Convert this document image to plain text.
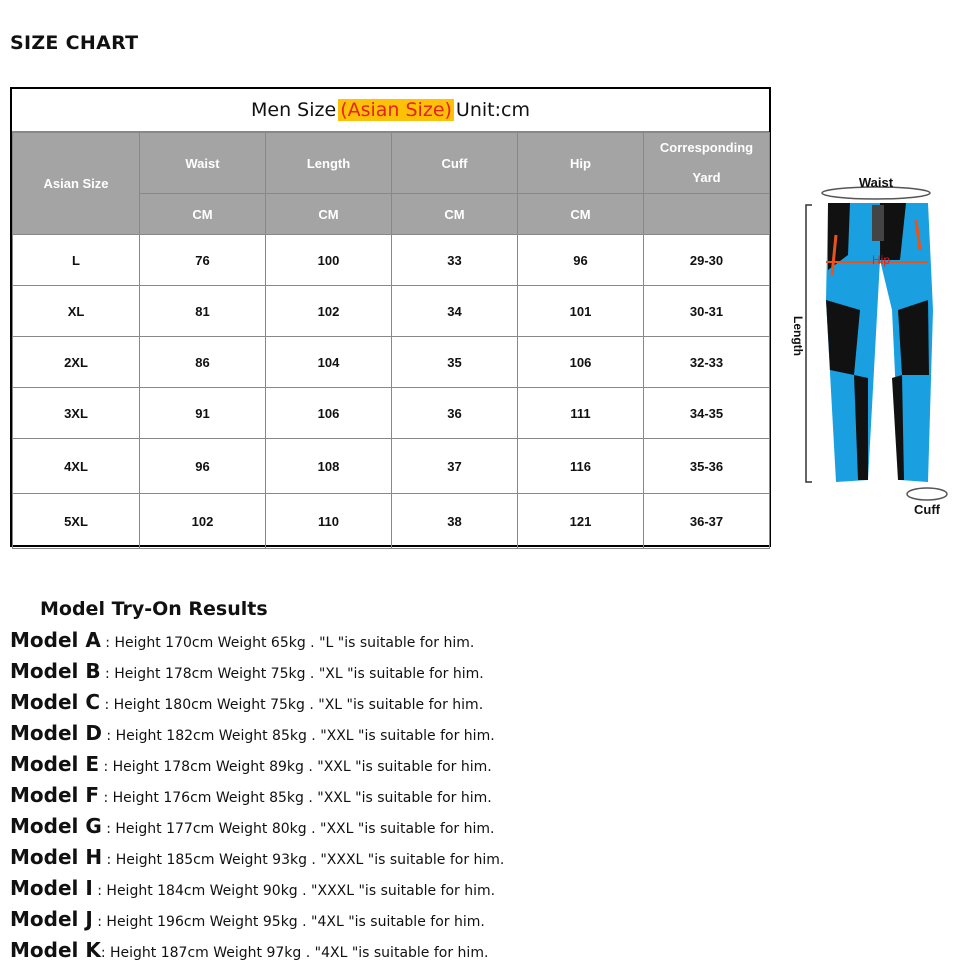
SIZE CHART
Men Size (Asian Size) Unit:cm
Asian Size	Waist	Length	Cuff	Hip	Corresponding Yard
	CM	CM	CM	CM	
L	76	100	33	96	29-30
XL	81	102	34	101	30-31
2XL	86	104	35	106	32-33
3XL	91	106	36	111	34-35
4XL	96	108	37	116	35-36
5XL	102	110	38	121	36-37
Waist
Length
Hip
Cuff
Model Try-On Results
Model A : Height 170cm Weight 65kg . "L "is suitable for him.
Model B : Height 178cm Weight 75kg . "XL "is suitable for him.
Model C : Height 180cm Weight 75kg . "XL "is suitable for him.
Model D : Height 182cm Weight 85kg . "XXL "is suitable for him.
Model E : Height 178cm Weight 89kg . "XXL "is suitable for him.
Model F : Height 176cm Weight 85kg . "XXL "is suitable for him.
Model G : Height 177cm Weight 80kg . "XXL "is suitable for him.
Model H : Height 185cm Weight 93kg . "XXXL "is suitable for him.
Model I : Height 184cm Weight 90kg . "XXXL "is suitable for him.
Model J : Height 196cm Weight 95kg . "4XL "is suitable for him.
Model K: Height 187cm Weight 97kg . "4XL "is suitable for him.
